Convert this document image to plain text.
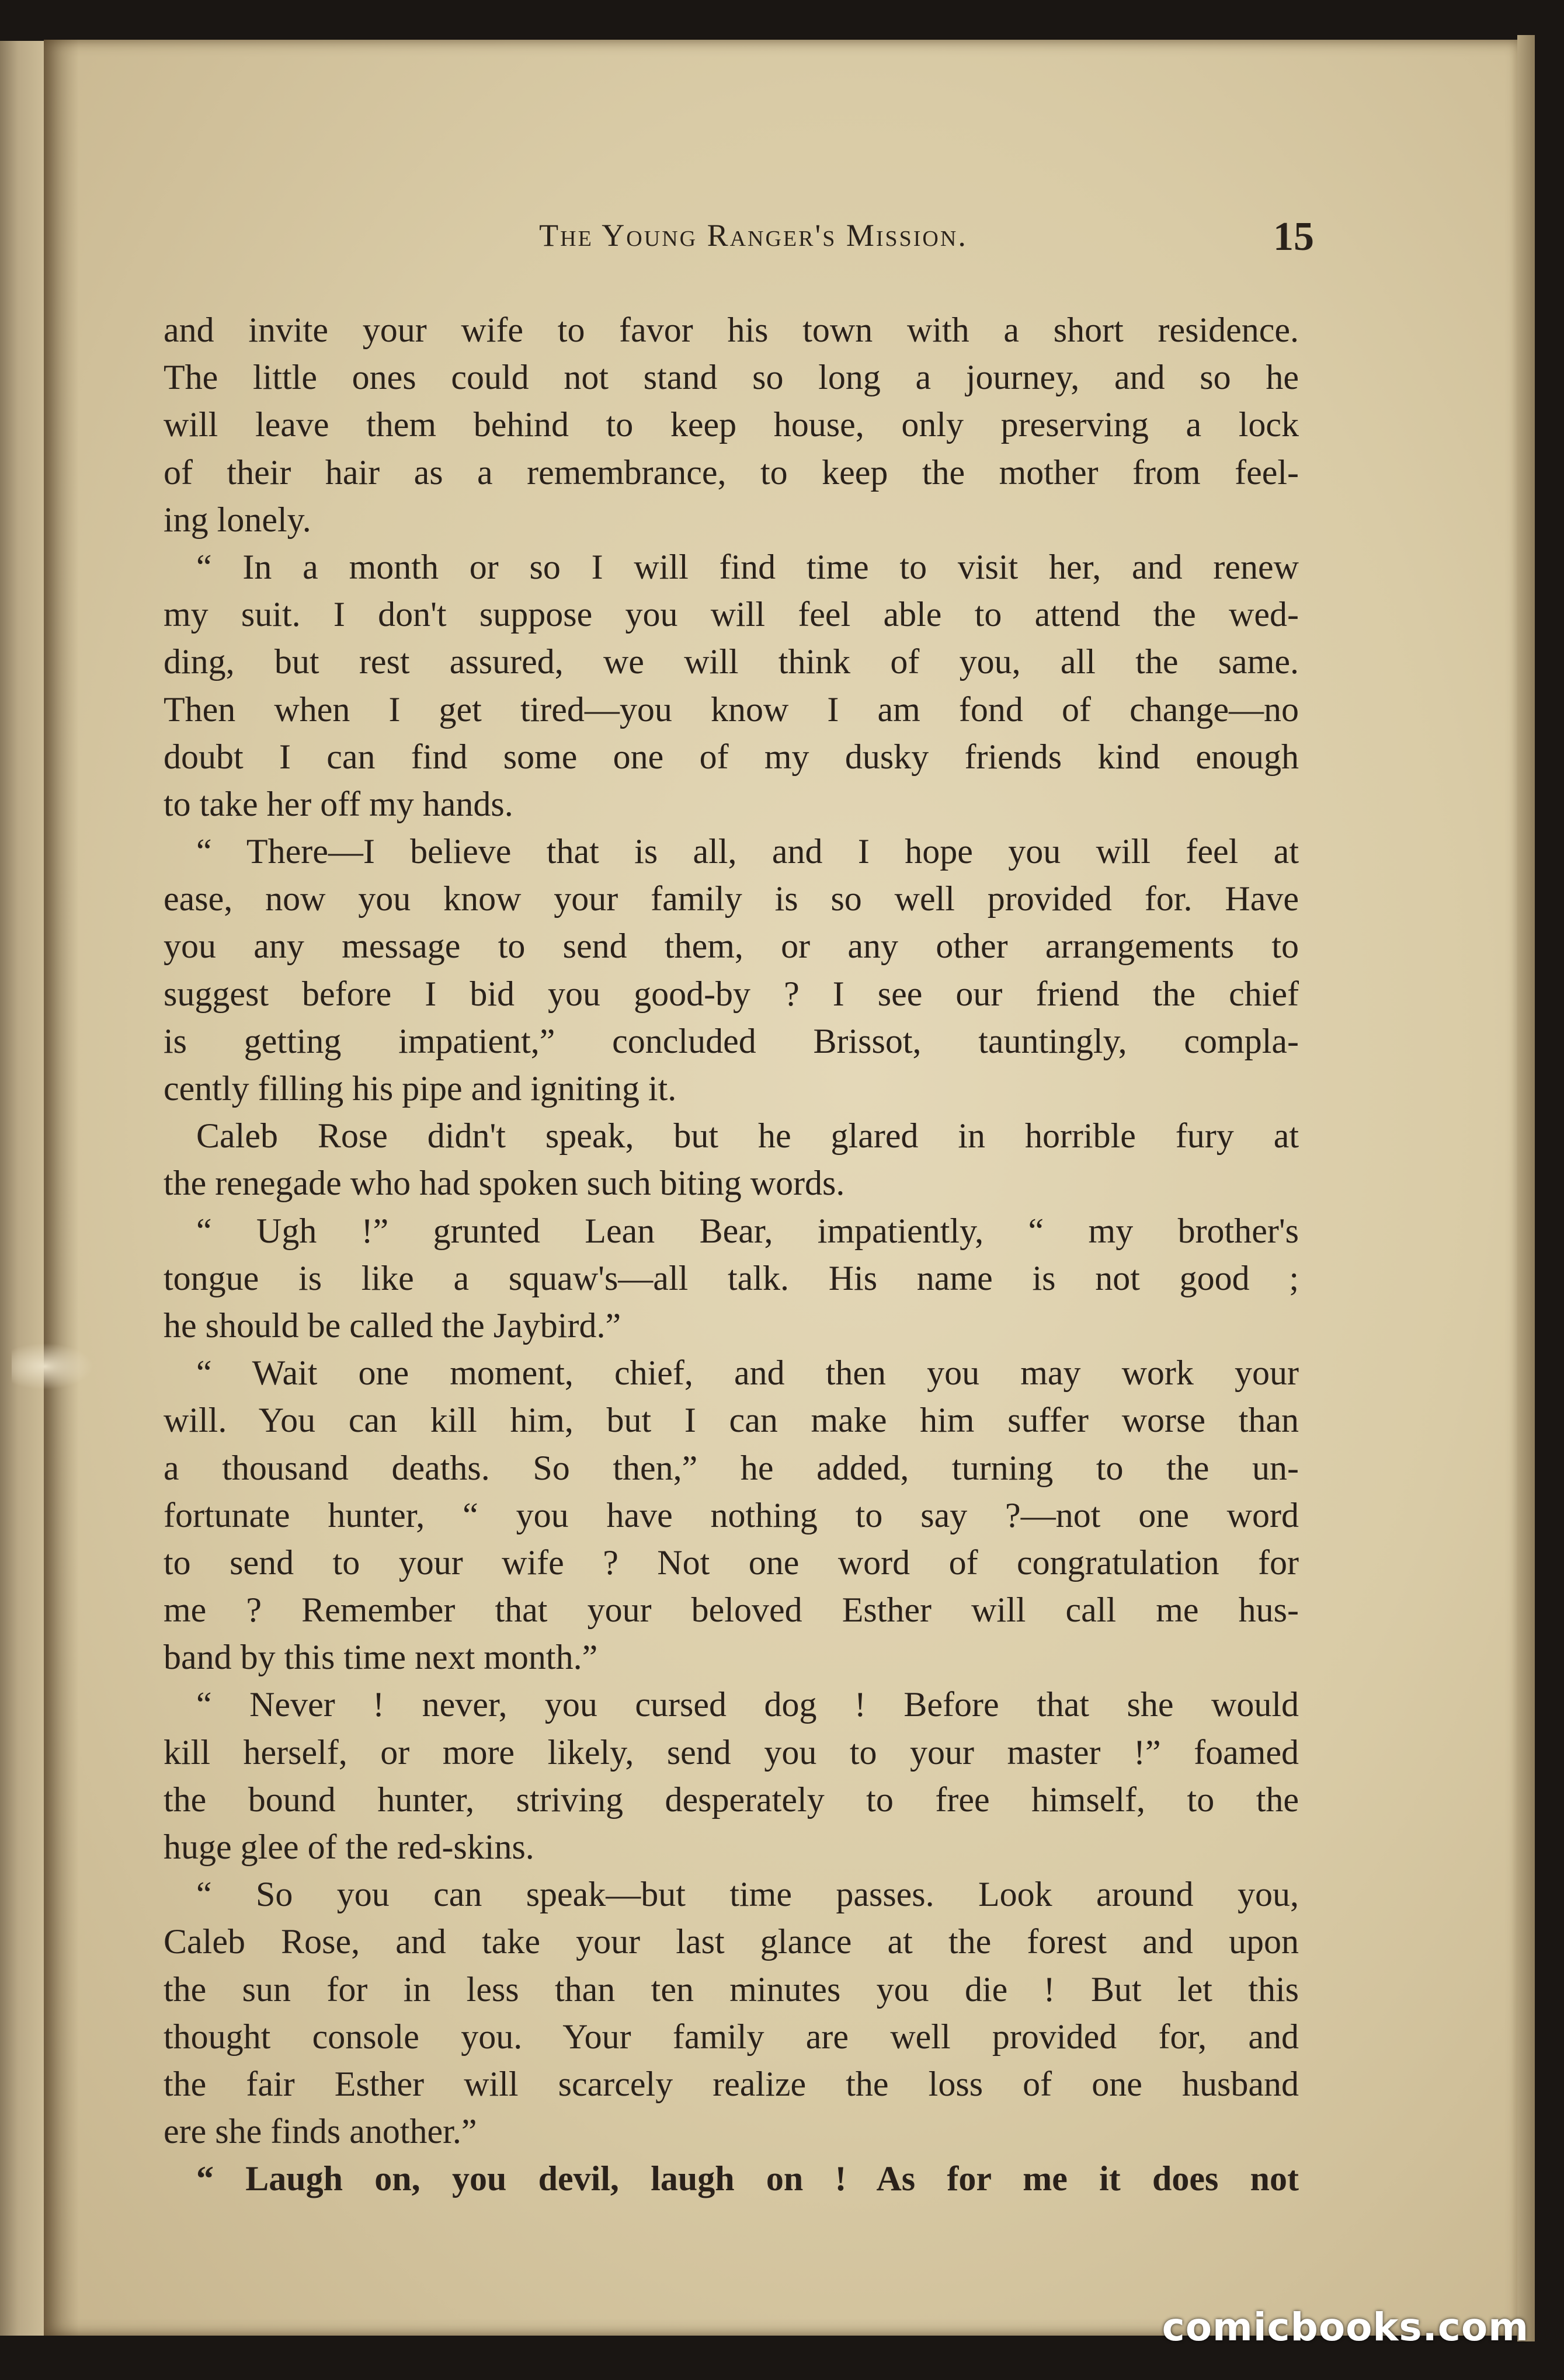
The Young Ranger's Mission.	15
and invite your wife to favor his town with a short residence.
The little ones could not stand so long a journey, and so he
will leave them behind to keep house, only preserving a lock
of their hair as a remembrance, to keep the mother from feel-
ing lonely.
“ In a month or so I will find time to visit her, and renew
my suit. I don't suppose you will feel able to attend the wed-
ding, but rest assured, we will think of you, all the same.
Then when I get tired—you know I am fond of change—no
doubt I can find some one of my dusky friends kind enough
to take her off my hands.
“ There—I believe that is all, and I hope you will feel at
ease, now you know your family is so well provided for. Have
you any message to send them, or any other arrangements to
suggest before I bid you good-by ? I see our friend the chief
is getting impatient,” concluded Brissot, tauntingly, compla-
cently filling his pipe and igniting it.
Caleb Rose didn't speak, but he glared in horrible fury at
the renegade who had spoken such biting words.
“ Ugh !” grunted Lean Bear, impatiently, “ my brother's
tongue is like a squaw's—all talk. His name is not good ;
he should be called the Jaybird.”
“ Wait one moment, chief, and then you may work your
will. You can kill him, but I can make him suffer worse than
a thousand deaths. So then,” he added, turning to the un-
fortunate hunter, “ you have nothing to say ?—not one word
to send to your wife ? Not one word of congratulation for
me ? Remember that your beloved Esther will call me hus-
band by this time next month.”
“ Never ! never, you cursed dog ! Before that she would
kill herself, or more likely, send you to your master !” foamed
the bound hunter, striving desperately to free himself, to the
huge glee of the red-skins.
“ So you can speak—but time passes. Look around you,
Caleb Rose, and take your last glance at the forest and upon
the sun for in less than ten minutes you die ! But let this
thought console you. Your family are well provided for, and
the fair Esther will scarcely realize the loss of one husband
ere she finds another.”
“ Laugh on, you devil, laugh on ! As for me it does not
comicbooks.com
